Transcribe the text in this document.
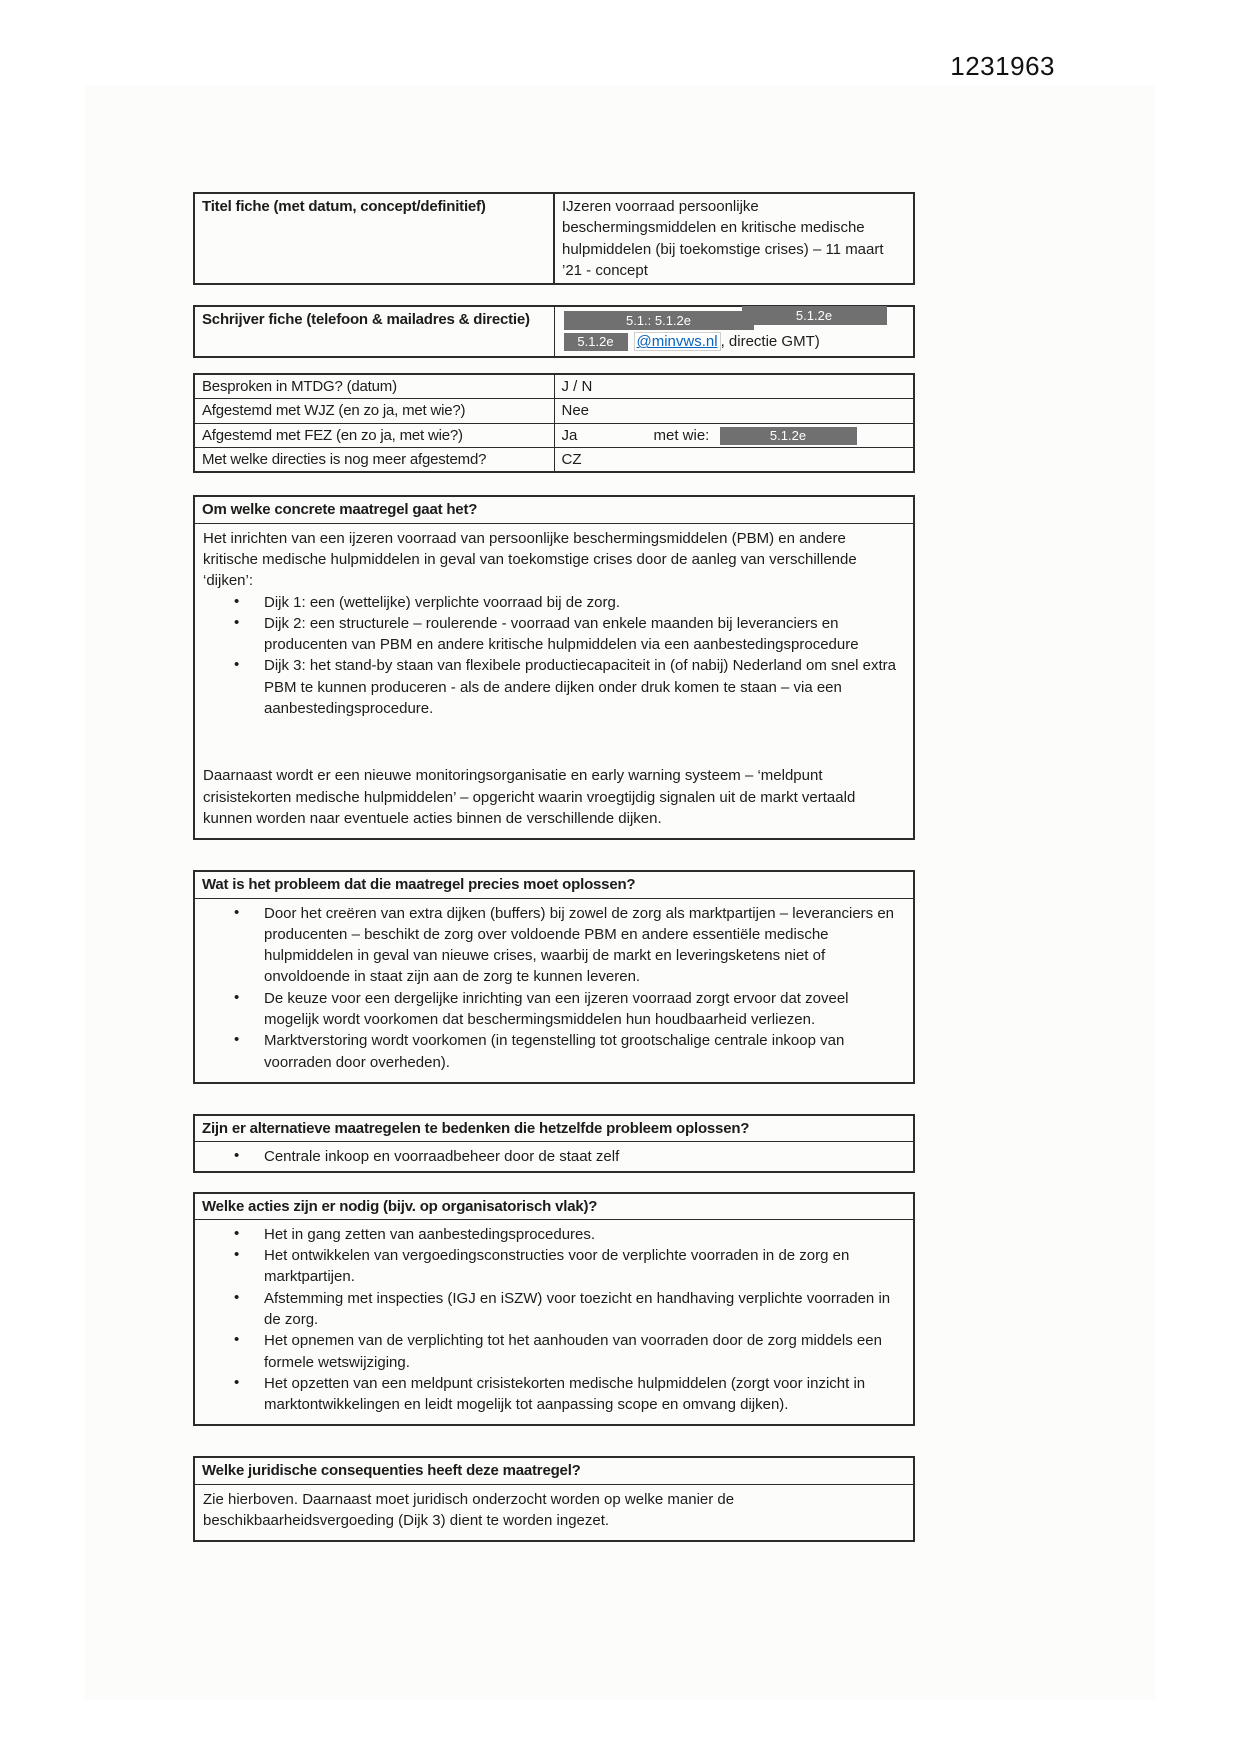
1231963
Titel fiche (met datum, concept/definitief)	IJzeren voorraad persoonlijke beschermingsmiddelen en kritische medische hulpmiddelen (bij toekomstige crises) – 11 maart ’21 - concept
Schrijver fiche (telefoon & mailadres & directie)	5.1.: 5.1.2e	5.1.2e
5.1.2e @minvws.nl , directie GMT)
Besproken in MTDG? (datum)	J / N
Afgestemd met WJZ (en zo ja, met wie?)	Nee
Afgestemd met FEZ (en zo ja, met wie?)	Ja met wie: 5.1.2e
Met welke directies is nog meer afgestemd?	CZ
Om welke concrete maatregel gaat het?

Het inrichten van een ijzeren voorraad van persoonlijke beschermingsmiddelen (PBM) en andere kritische medische hulpmiddelen in geval van toekomstige crises door de aanleg van verschillende ‘dijken’:

• Dijk 1: een (wettelijke) verplichte voorraad bij de zorg.

• Dijk 2: een structurele – roulerende - voorraad van enkele maanden bij leveranciers en producenten van PBM en andere kritische hulpmiddelen via een aanbestedingsprocedure

• Dijk 3: het stand-by staan van flexibele productiecapaciteit in (of nabij) Nederland om snel extra PBM te kunnen produceren - als de andere dijken onder druk komen te staan – via een aanbestedingsprocedure.

Daarnaast wordt er een nieuwe monitoringsorganisatie en early warning systeem – ‘meldpunt crisistekorten medische hulpmiddelen’ – opgericht waarin vroegtijdig signalen uit de markt vertaald kunnen worden naar eventuele acties binnen de verschillende dijken.

Wat is het probleem dat die maatregel precies moet oplossen?

• Door het creëren van extra dijken (buffers) bij zowel de zorg als marktpartijen – leveranciers en producenten – beschikt de zorg over voldoende PBM en andere essentiële medische hulpmiddelen in geval van nieuwe crises, waarbij de markt en leveringsketens niet of onvoldoende in staat zijn aan de zorg te kunnen leveren.

• De keuze voor een dergelijke inrichting van een ijzeren voorraad zorgt ervoor dat zoveel mogelijk wordt voorkomen dat beschermingsmiddelen hun houdbaarheid verliezen.

• Marktverstoring wordt voorkomen (in tegenstelling tot grootschalige centrale inkoop van voorraden door overheden).

Zijn er alternatieve maatregelen te bedenken die hetzelfde probleem oplossen?

• Centrale inkoop en voorraadbeheer door de staat zelf

Welke acties zijn er nodig (bijv. op organisatorisch vlak)?

• Het in gang zetten van aanbestedingsprocedures.

• Het ontwikkelen van vergoedingsconstructies voor de verplichte voorraden in de zorg en marktpartijen.

• Afstemming met inspecties (IGJ en iSZW) voor toezicht en handhaving verplichte voorraden in de zorg.

• Het opnemen van de verplichting tot het aanhouden van voorraden door de zorg middels een formele wetswijziging.

• Het opzetten van een meldpunt crisistekorten medische hulpmiddelen (zorgt voor inzicht in marktontwikkelingen en leidt mogelijk tot aanpassing scope en omvang dijken).

Welke juridische consequenties heeft deze maatregel?

Zie hierboven. Daarnaast moet juridisch onderzocht worden op welke manier de beschikbaarheidsvergoeding (Dijk 3) dient te worden ingezet.
